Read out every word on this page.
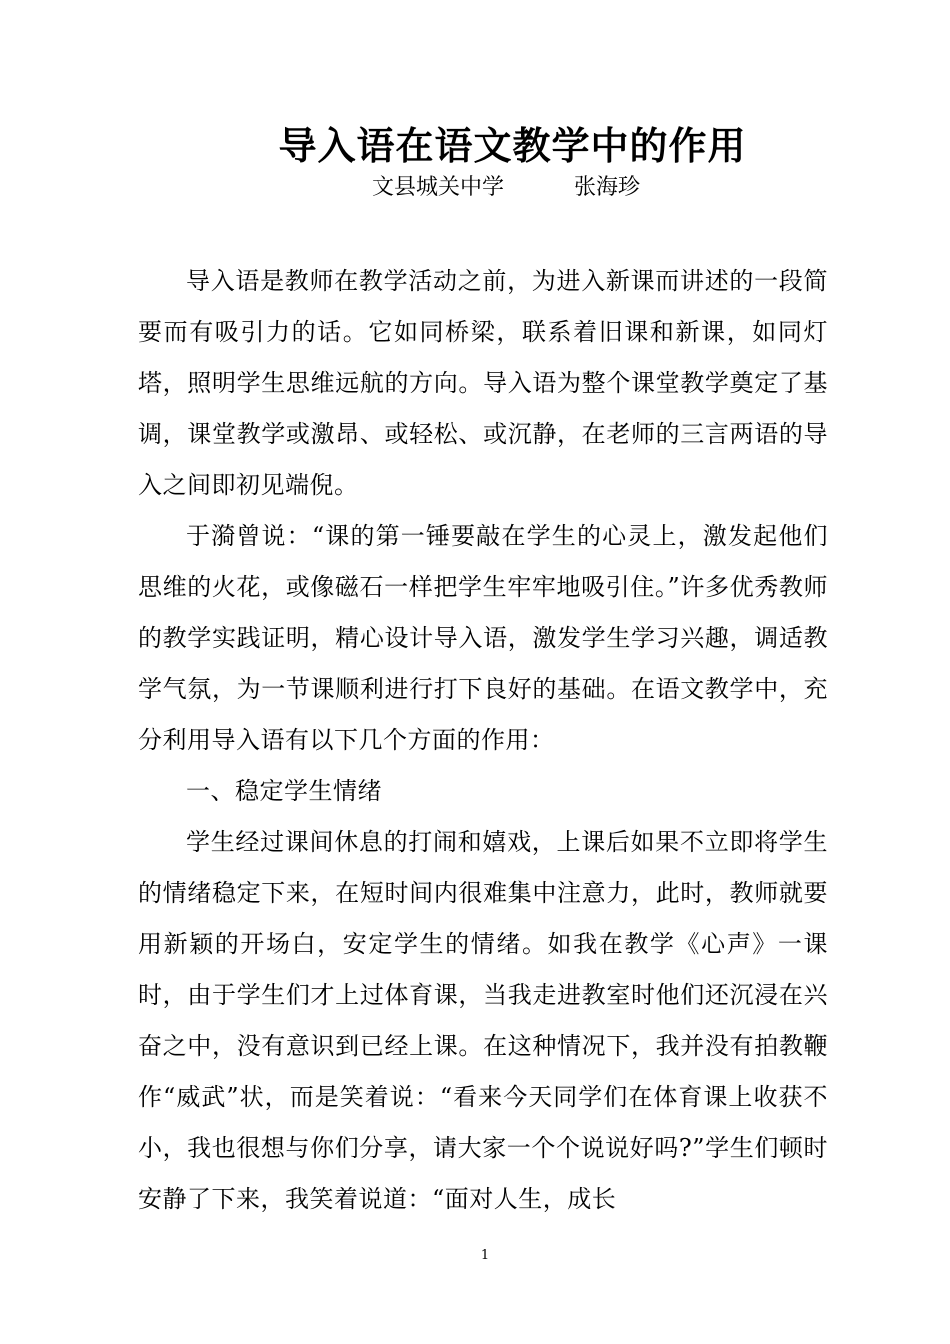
导入语在语文教学中的作用
文县城关中学	张海珍

导入语是教师在教学活动之前，为进入新课而讲述的一段简要而有吸引力的话。它如同桥梁，联系着旧课和新课，如同灯塔，照明学生思维远航的方向。导入语为整个课堂教学奠定了基调，课堂教学或激昂、或轻松、或沉静，在老师的三言两语的导入之间即初见端倪。

于漪曾说：“课的第一锤要敲在学生的心灵上，激发起他们思维的火花，或像磁石一样把学生牢牢地吸引住。”许多优秀教师的教学实践证明，精心设计导入语，激发学生学习兴趣，调适教学气氛，为一节课顺利进行打下良好的基础。在语文教学中，充分利用导入语有以下几个方面的作用：

一、稳定学生情绪

学生经过课间休息的打闹和嬉戏，上课后如果不立即将学生的情绪稳定下来，在短时间内很难集中注意力，此时，教师就要用新颖的开场白，安定学生的情绪。如我在教学《心声》一课时，由于学生们才上过体育课，当我走进教室时他们还沉浸在兴奋之中，没有意识到已经上课。在这种情况下，我并没有拍教鞭作“威武”状，而是笑着说：“看来今天同学们在体育课上收获不小，我也很想与你们分享，请大家一个个说说好吗?”学生们顿时安静了下来，我笑着说道：“面对人生，成长

1
